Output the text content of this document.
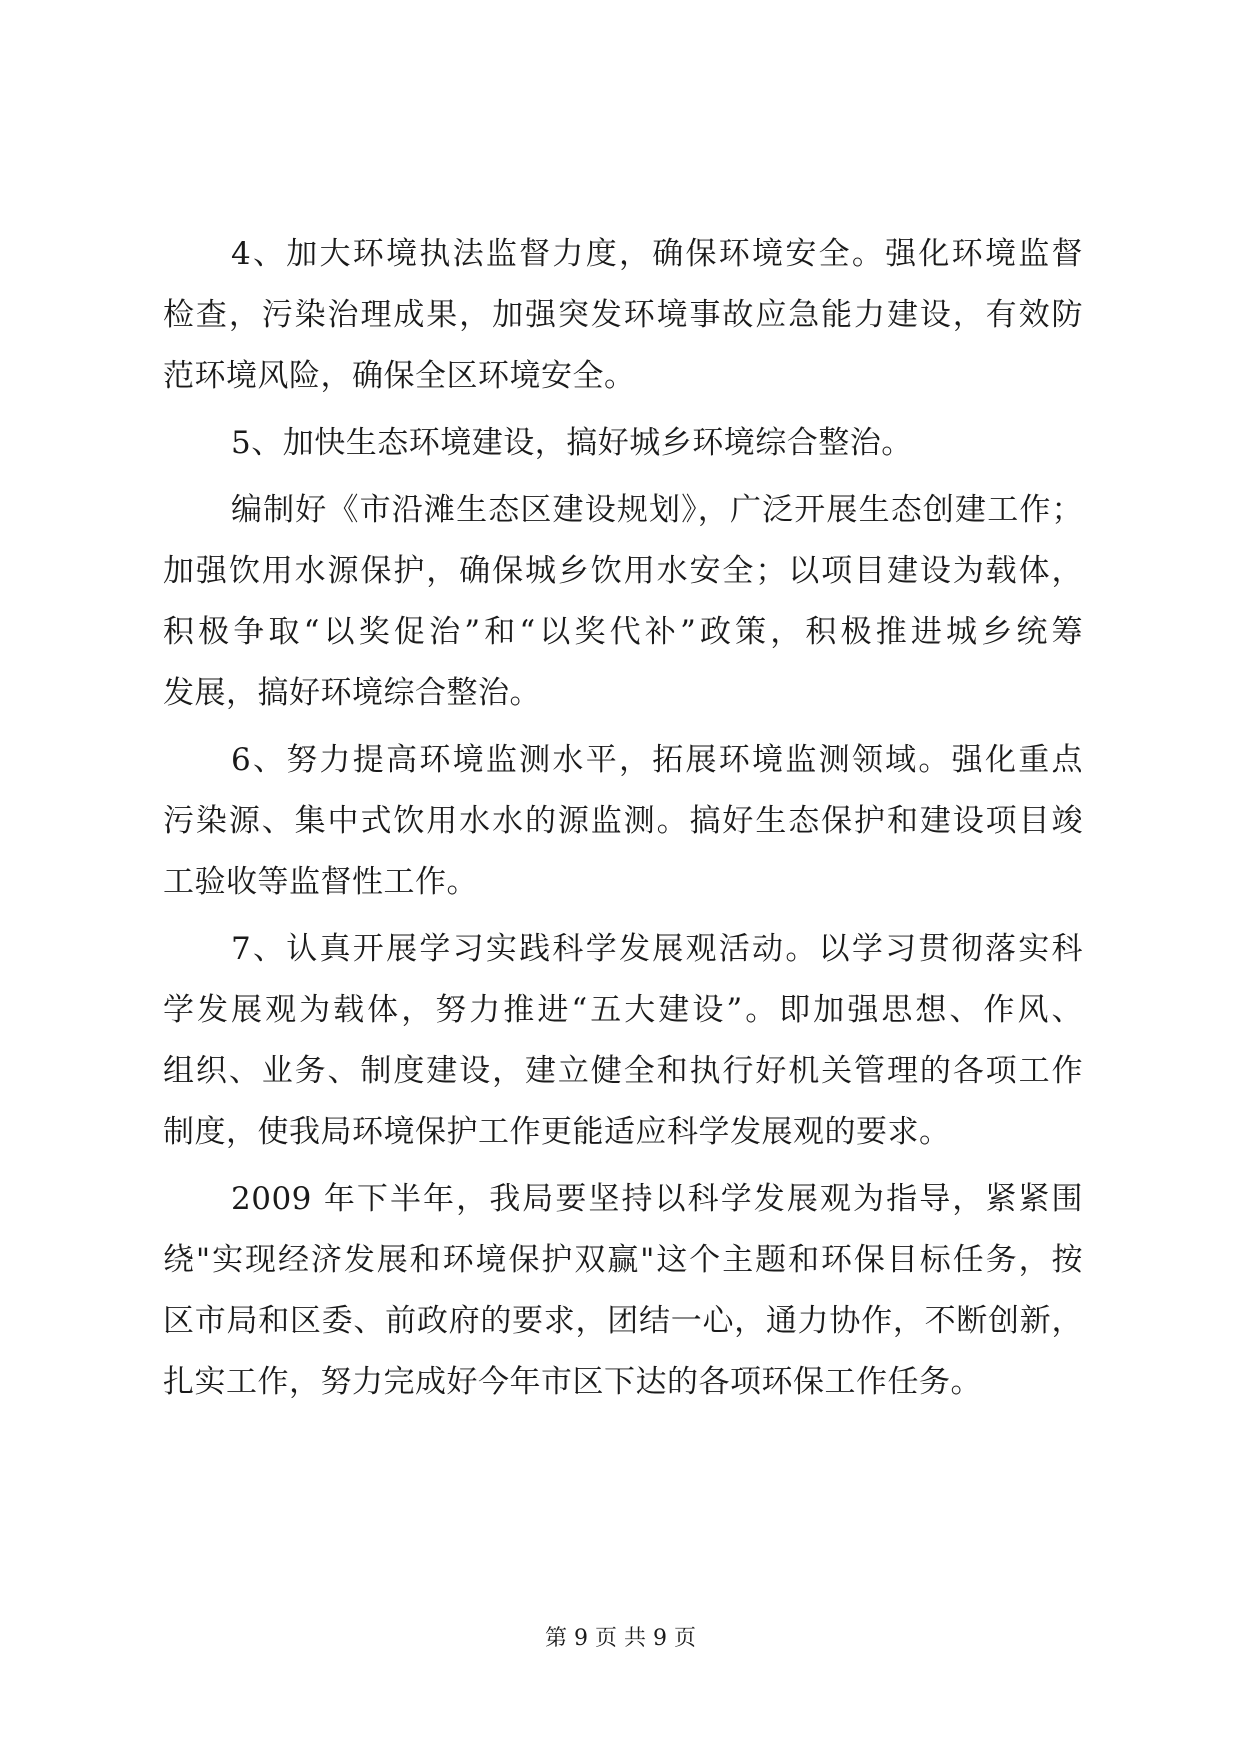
4、加大环境执法监督力度，确保环境安全。强化环境监督
检查，污染治理成果，加强突发环境事故应急能力建设，有效防
范环境风险，确保全区环境安全。
5、加快生态环境建设，搞好城乡环境综合整治。
编制好《市沿滩生态区建设规划》，广泛开展生态创建工作；
加强饮用水源保护，确保城乡饮用水安全；以项目建设为载体，
积极争取“以奖促治”和“以奖代补”政策，积极推进城乡统筹
发展，搞好环境综合整治。
6、努力提高环境监测水平，拓展环境监测领域。强化重点
污染源、集中式饮用水水的源监测。搞好生态保护和建设项目竣
工验收等监督性工作。
7、认真开展学习实践科学发展观活动。以学习贯彻落实科
学发展观为载体，努力推进“五大建设”。即加强思想、作风、
组织、业务、制度建设，建立健全和执行好机关管理的各项工作
制度，使我局环境保护工作更能适应科学发展观的要求。
2009 年下半年，我局要坚持以科学发展观为指导，紧紧围
绕"实现经济发展和环境保护双赢"这个主题和环保目标任务，按
区市局和区委、前政府的要求，团结一心，通力协作，不断创新，
扎实工作，努力完成好今年市区下达的各项环保工作任务。
第 9 页 共 9 页
